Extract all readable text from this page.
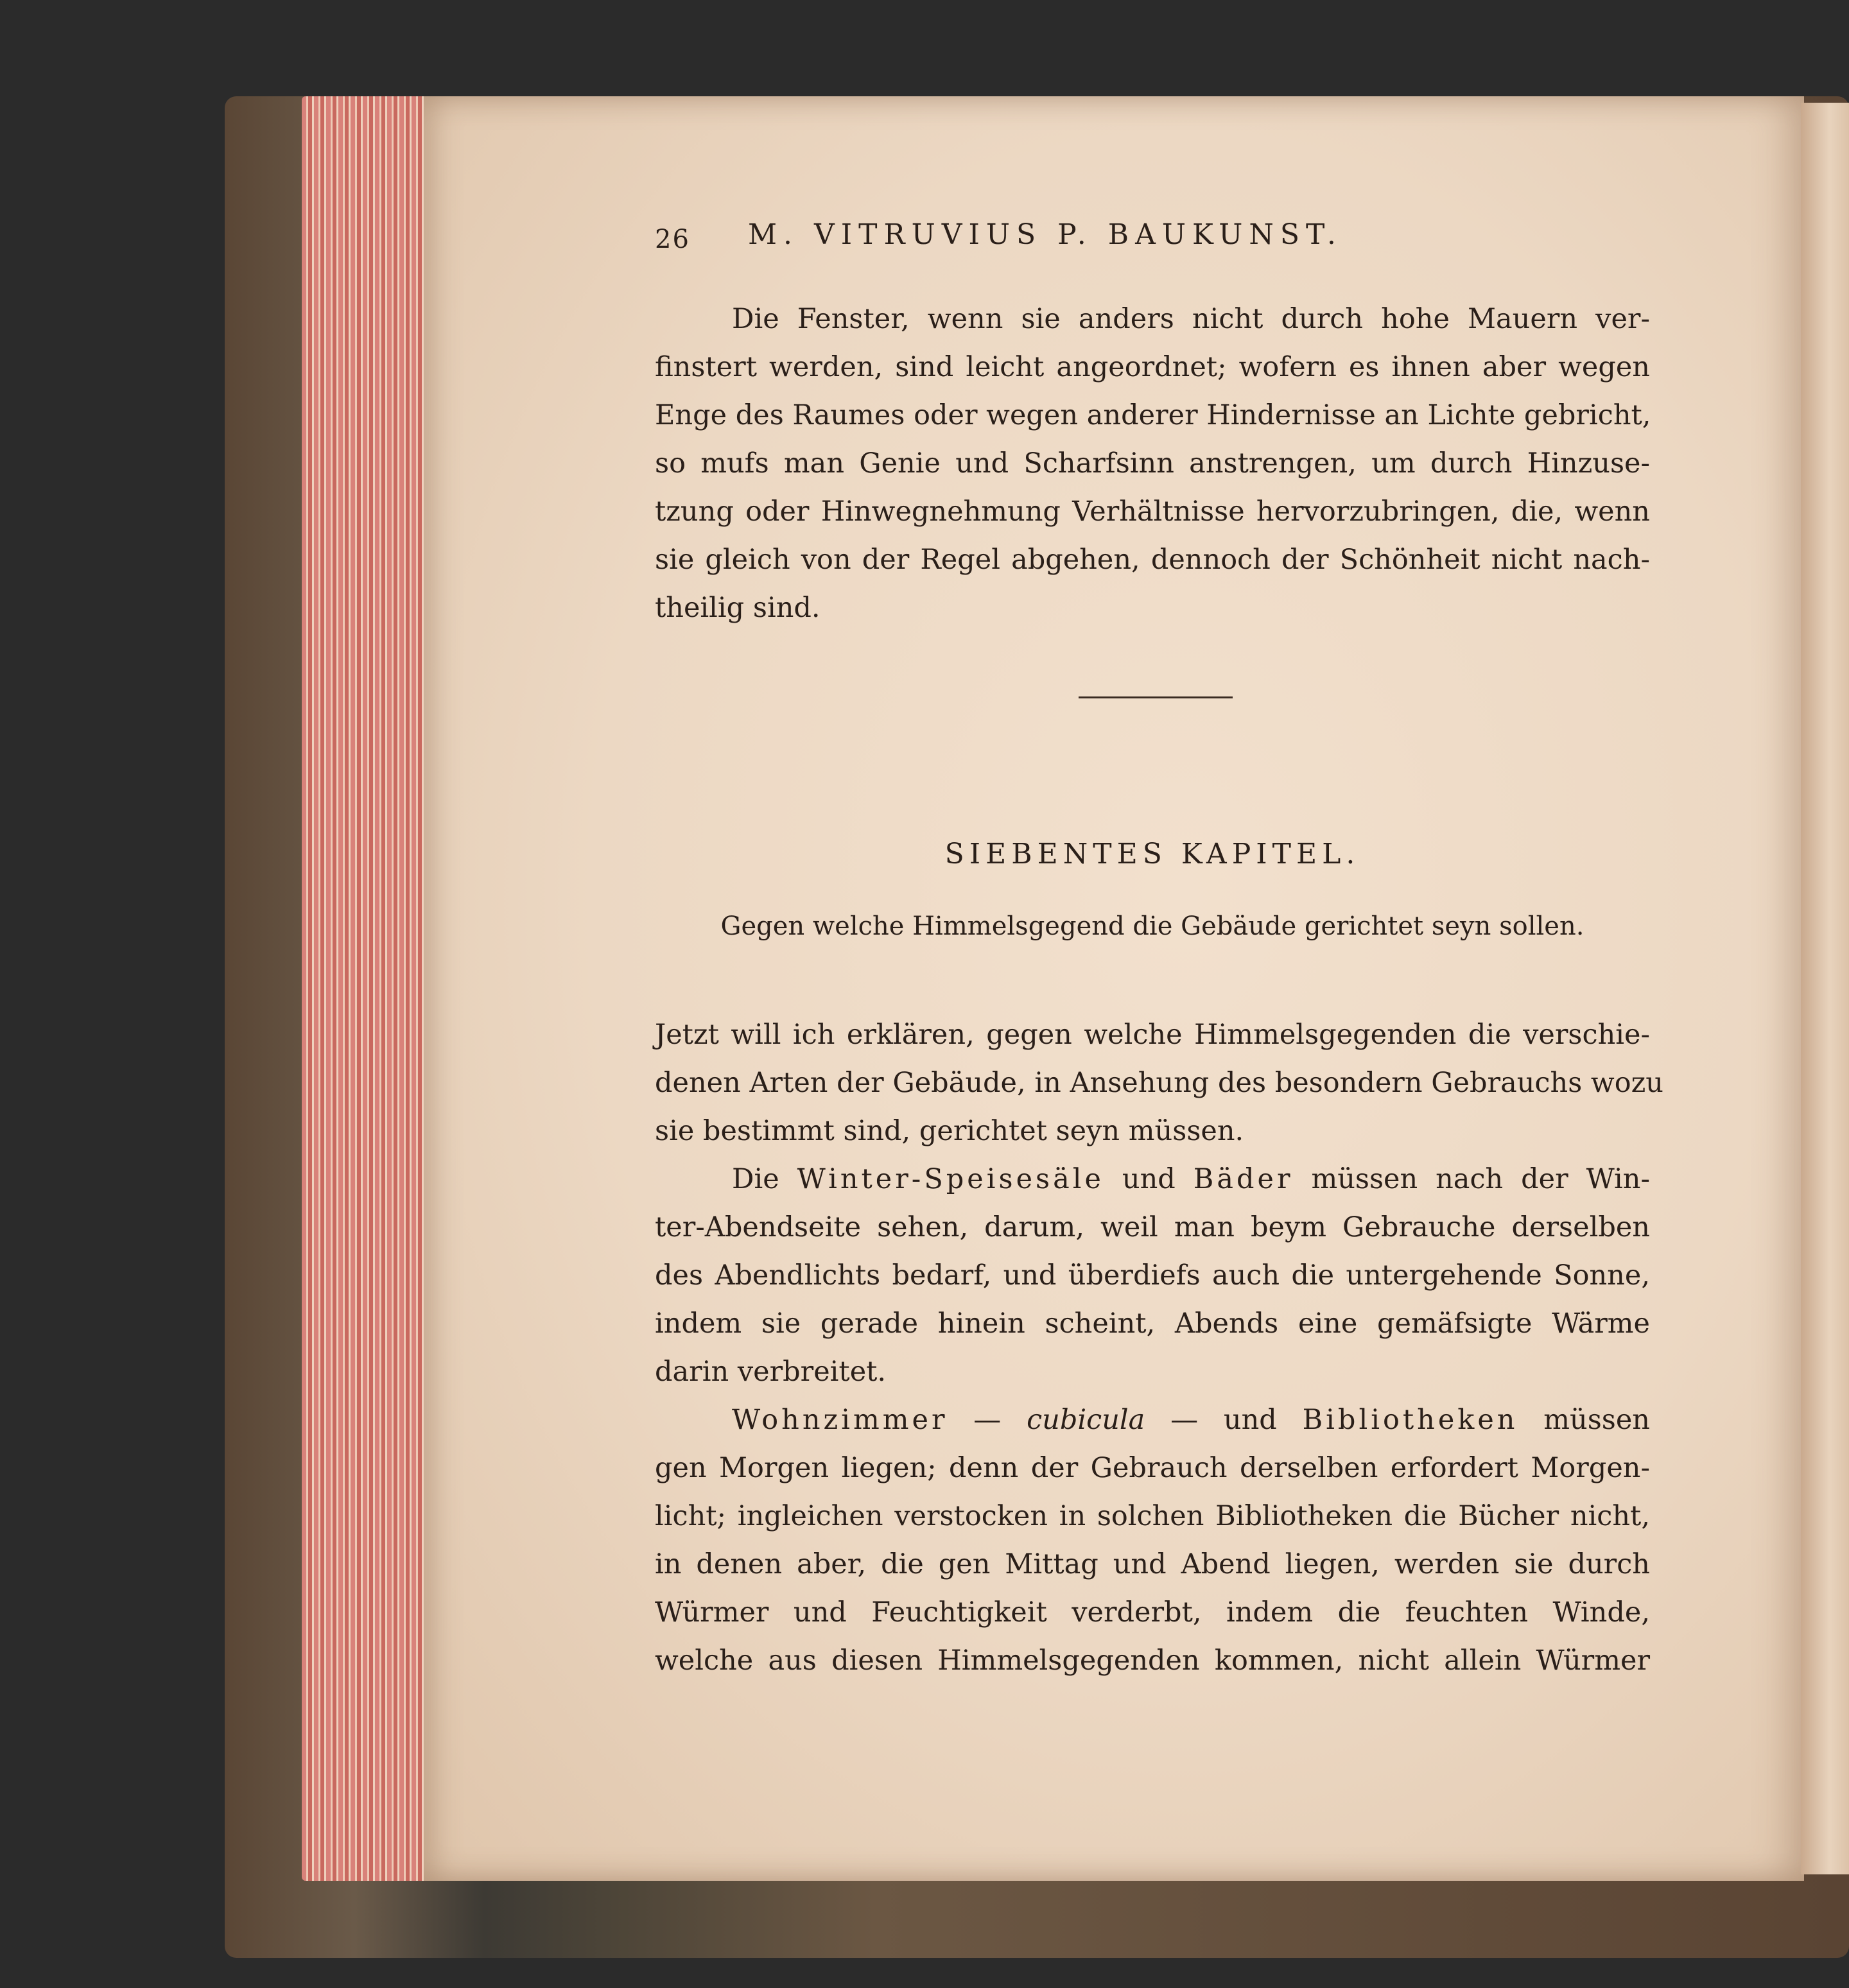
26 M. VITRUVIUS P. BAUKUNST.
Die Fenster, wenn sie anders nicht durch hohe Mauern ver-
finstert werden, sind leicht angeordnet; wofern es ihnen aber wegen
Enge des Raumes oder wegen anderer Hindernisse an Lichte gebricht,
so mufs man Genie und Scharfsinn anstrengen, um durch Hinzuse-
tzung oder Hinwegnehmung Verhältnisse hervorzubringen, die, wenn
sie gleich von der Regel abgehen, dennoch der Schönheit nicht nach-
theilig sind.
SIEBENTES KAPITEL.
Gegen welche Himmelsgegend die Gebäude gerichtet seyn sollen.
Jetzt will ich erklären, gegen welche Himmelsgegenden die verschie-
denen Arten der Gebäude, in Ansehung des besondern Gebrauchs wozu
sie bestimmt sind, gerichtet seyn müssen.
Die Winter-Speisesäle und Bäder müssen nach der Win-
ter-Abendseite sehen, darum, weil man beym Gebrauche derselben
des Abendlichts bedarf, und überdiefs auch die untergehende Sonne,
indem sie gerade hinein scheint, Abends eine gemäfsigte Wärme
darin verbreitet.
Wohnzimmer — cubicula — und Bibliotheken müssen
gen Morgen liegen; denn der Gebrauch derselben erfordert Morgen-
licht; ingleichen verstocken in solchen Bibliotheken die Bücher nicht,
in denen aber, die gen Mittag und Abend liegen, werden sie durch
Würmer und Feuchtigkeit verderbt, indem die feuchten Winde,
welche aus diesen Himmelsgegenden kommen, nicht allein Würmer
